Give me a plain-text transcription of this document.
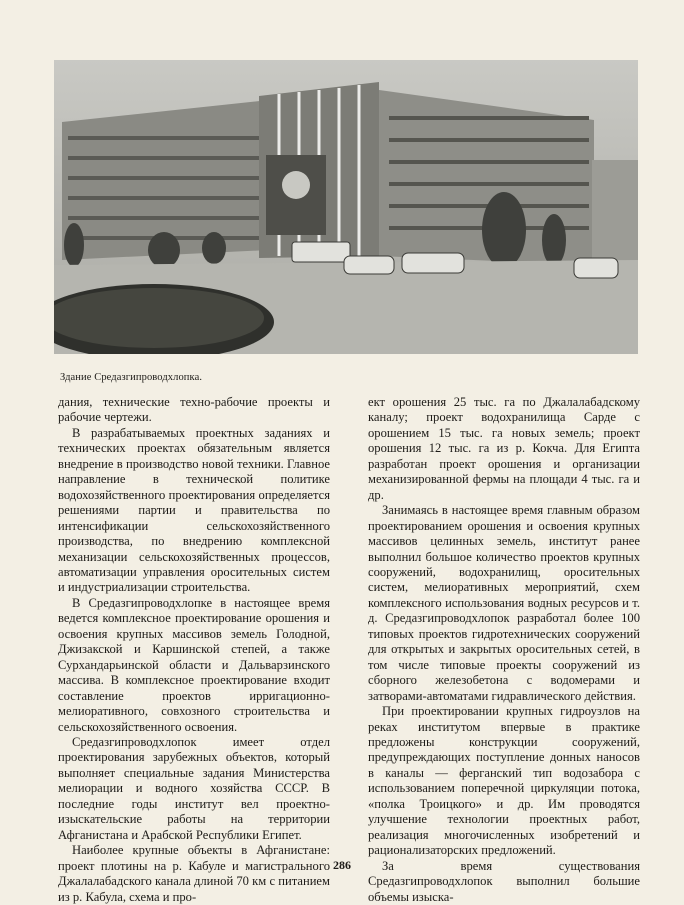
Здание Средазгипроводхлопка.

дания, технические техно-рабочие проекты и рабочие чертежи.

В разрабатываемых проектных заданиях и технических проектах обязательным является внедрение в производство новой техники. Главное направление в технической политике водохозяйственного проектирования определяется решениями партии и правительства по интенсификации сельскохозяйственного производства, по внедрению комплексной механизации сельскохозяйственных процессов, автоматизации управления оросительных систем и индустриализации строительства.

В Средазгипроводхлопке в настоящее время ведется комплексное проектирование орошения и освоения крупных массивов земель Голодной, Джизакской и Каршинской степей, а также Сурхандарьинской области и Дальварзинского массива. В комплексное проектирование входит составление проектов ирригационно-мелиоративного, совхозного строительства и сельскохозяйственного освоения.

Средазгипроводхлопок имеет отдел проектирования зарубежных объектов, который выполняет специальные задания Министерства мелиорации и водного хозяйства СССР. В последние годы институт вел проектно-изыскательские работы на территории Афганистана и Арабской Республики Египет.

Наиболее крупные объекты в Афганистане: проект плотины на р. Кабуле и магистрального Джалалабадского канала длиной 70 км с питанием из р. Кабула, схема и про-

ект орошения 25 тыс. га по Джалалабадскому каналу; проект водохранилища Сарде с орошением 15 тыс. га новых земель; проект орошения 12 тыс. га из р. Кокча. Для Египта разработан проект орошения и организации механизированной фермы на площади 4 тыс. га и др.

Занимаясь в настоящее время главным образом проектированием орошения и освоения крупных массивов целинных земель, институт ранее выполнил большое количество проектов крупных сооружений, водохранилищ, оросительных систем, мелиоративных мероприятий, схем комплексного использования водных ресурсов и т. д. Средазгипроводхлопок разработал более 100 типовых проектов гидротехнических сооружений для открытых и закрытых оросительных сетей, в том числе типовые проекты сооружений из сборного железобетона с водомерами и затворами-автоматами гидравлического действия.

При проектировании крупных гидроузлов на реках институтом впервые в практике предложены конструкции сооружений, предупреждающих поступление донных наносов в каналы — ферганский тип водозабора с использованием поперечной циркуляции потока, «полка Троицкого» и др. Им проводятся улучшение технологии проектных работ, реализация многочисленных изобретений и рационализаторских предложений.

За время существования Средазгипроводхлопок выполнил большие объемы изыска-

286
